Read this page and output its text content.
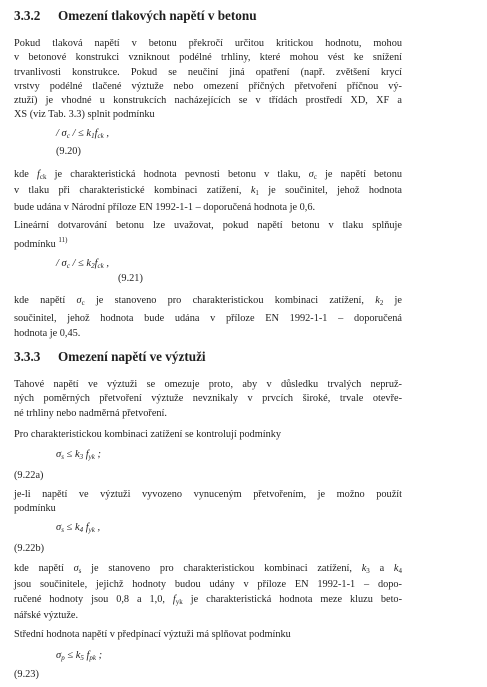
3.3.2 Omezení tlakových napětí v betonu
Pokud tlaková napětí v betonu překročí určitou kritickou hodnotu, mohou
v betonové konstrukci vzniknout podélné trhliny, které mohou vést ke snížení
trvanlivosti konstrukce. Pokud se neučiní jiná opatření (např. zvětšení krycí
vrstvy podélné tlačené výztuže nebo omezení příčných přetvoření příčnou vý-
ztuží) je vhodné u konstrukcích nacházejících se v třídách prostředí XD, XF a
XS (viz Tab. 3.3) splnit podmínku
/ $\sigma_c$ / ≤ $k_1f_{ck}$ ,
(9.20)
kde $f_{ck}$ je charakteristická hodnota pevnosti betonu v tlaku, $\sigma_c$ je napětí betonu
v tlaku při charakteristické kombinaci zatížení, $k_1$ je součinitel, jehož hodnota
bude udána v Národní příloze EN 1992-1-1 – doporučená hodnota je 0,6.
Lineární dotvarování betonu lze uvažovat, pokud napětí betonu v tlaku splňuje
podmínku $^{11)}$
/ $\sigma_c$ / ≤ $k_2f_{ck}$ ,
(9.21)
kde napětí $\sigma_c$ je stanoveno pro charakteristickou kombinaci zatížení, $k_2$ je
součinitel, jehož hodnota bude udána v příloze EN 1992-1-1 – doporučená
hodnota je 0,45.
3.3.3 Omezení napětí ve výztuži
Tahové napětí ve výztuži se omezuje proto, aby v důsledku trvalých nepruž-
ných poměrných přetvoření výztuže nevznikaly v prvcích široké, trvale otevře-
né trhliny nebo nadměrná přetvoření.
Pro charakteristickou kombinaci zatížení se kontrolují podmínky
$\sigma_s \le k_3$ $f_{yk}$ ;
(9.22a)
je-li napětí ve výztuži vyvozeno vynuceným přetvořením, je možno použít
podmínku
$\sigma_s \le k_4$ $f_{yk}$ ,
(9.22b)
kde napětí $\sigma_s$ je stanoveno pro charakteristickou kombinaci zatížení, $k_3$ a $k_4$
jsou součinitele, jejichž hodnoty budou udány v příloze EN 1992-1-1 – dopo-
ručené hodnoty jsou 0,8 a 1,0, $f_{yk}$ je charakteristická hodnota meze kluzu beto-
nářské výztuže.
Střední hodnota napětí v předpínací výztuži má splňovat podmínku
$\sigma_p \le k_5$ $f_{pk}$ ;
(9.23)
